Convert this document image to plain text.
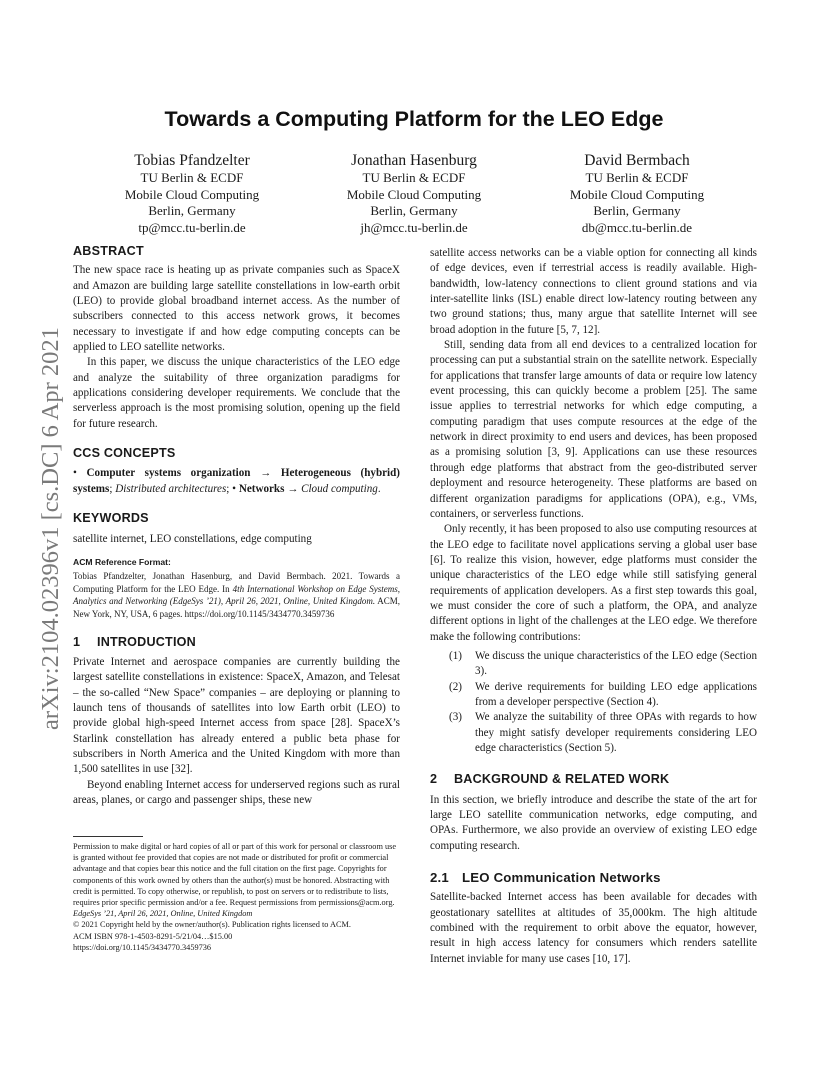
arXiv:2104.02396v1 [cs.DC] 6 Apr 2021
Towards a Computing Platform for the LEO Edge
Tobias Pfandzelter
TU Berlin & ECDF
Mobile Cloud Computing
Berlin, Germany
tp@mcc.tu-berlin.de
Jonathan Hasenburg
TU Berlin & ECDF
Mobile Cloud Computing
Berlin, Germany
jh@mcc.tu-berlin.de
David Bermbach
TU Berlin & ECDF
Mobile Cloud Computing
Berlin, Germany
db@mcc.tu-berlin.de
ABSTRACT

The new space race is heating up as private companies such as SpaceX and Amazon are building large satellite constellations in low-earth orbit (LEO) to provide global broadband internet access. As the number of subscribers connected to this access network grows, it becomes necessary to investigate if and how edge computing concepts can be applied to LEO satellite networks.

In this paper, we discuss the unique characteristics of the LEO edge and analyze the suitability of three organization paradigms for applications considering developer requirements. We conclude that the serverless approach is the most promising solution, opening up the field for future research.

CCS CONCEPTS

• Computer systems organization → Heterogeneous (hybrid) systems; Distributed architectures; • Networks → Cloud computing.

KEYWORDS

satellite internet, LEO constellations, edge computing

ACM Reference Format:

Tobias Pfandzelter, Jonathan Hasenburg, and David Bermbach. 2021. Towards a Computing Platform for the LEO Edge. In 4th International Workshop on Edge Systems, Analytics and Networking (EdgeSys ’21), April 26, 2021, Online, United Kingdom. ACM, New York, NY, USA, 6 pages. https://doi.org/10.1145/3434770.3459736

1 INTRODUCTION

Private Internet and aerospace companies are currently building the largest satellite constellations in existence: SpaceX, Amazon, and Telesat – the so-called “New Space” companies – are deploying or planning to launch tens of thousands of satellites into low Earth orbit (LEO) to provide global high-speed Internet access from space [28]. SpaceX’s Starlink constellation has already entered a public beta phase for subscribers in North America and the United Kingdom with more than 1,500 satellites in use [32].

Beyond enabling Internet access for underserved regions such as rural areas, planes, or cargo and passenger ships, these new

Permission to make digital or hard copies of all or part of this work for personal or classroom use is granted without fee provided that copies are not made or distributed for profit or commercial advantage and that copies bear this notice and the full citation on the first page. Copyrights for components of this work owned by others than the author(s) must be honored. Abstracting with credit is permitted. To copy otherwise, or republish, to post on servers or to redistribute to lists, requires prior specific permission and/or a fee. Request permissions from permissions@acm.org.

EdgeSys ’21, April 26, 2021, Online, United Kingdom

© 2021 Copyright held by the owner/author(s). Publication rights licensed to ACM.

ACM ISBN 978-1-4503-8291-5/21/04…$15.00

https://doi.org/10.1145/3434770.3459736

satellite access networks can be a viable option for connecting all kinds of edge devices, even if terrestrial access is readily available. High-bandwidth, low-latency connections to client ground stations and via inter-satellite links (ISL) enable direct low-latency routing between any two ground stations; thus, many argue that satellite Internet will see broad adoption in the future [5, 7, 12].

Still, sending data from all end devices to a centralized location for processing can put a substantial strain on the satellite network. Especially for applications that transfer large amounts of data or require low latency event processing, this can quickly become a problem [25]. The same issue applies to terrestrial networks for which edge computing, a computing paradigm that uses compute resources at the edge of the network in direct proximity to end users and devices, has been proposed as a promising solution [3, 9]. Applications can use these resources through edge platforms that abstract from the geo-distributed server deployment and resource heterogeneity. These platforms are based on different organization paradigms for applications (OPA), e.g., VMs, containers, or serverless functions.

Only recently, it has been proposed to also use computing resources at the LEO edge to facilitate novel applications serving a global user base [6]. To realize this vision, however, edge platforms must consider the unique characteristics of the LEO edge while still satisfying general requirements of application developers. As a first step towards this goal, we must consider the core of such a platform, the OPA, and analyze different options in light of the challenges at the LEO edge. We therefore make the following contributions:

(1) We discuss the unique characteristics of the LEO edge (Section 3).
(2) We derive requirements for building LEO edge applications from a developer perspective (Section 4).
(3) We analyze the suitability of three OPAs with regards to how they might satisfy developer requirements considering LEO edge characteristics (Section 5).
2 BACKGROUND & RELATED WORK

In this section, we briefly introduce and describe the state of the art for large LEO satellite communication networks, edge computing, and OPAs. Furthermore, we also provide an overview of existing LEO edge computing research.

2.1 LEO Communication Networks

Satellite-backed Internet access has been available for decades with geostationary satellites at altitudes of 35,000km. The high altitude combined with the requirement to orbit above the equator, however, result in high access latency for consumers which renders satellite Internet inviable for many use cases [10, 17].
